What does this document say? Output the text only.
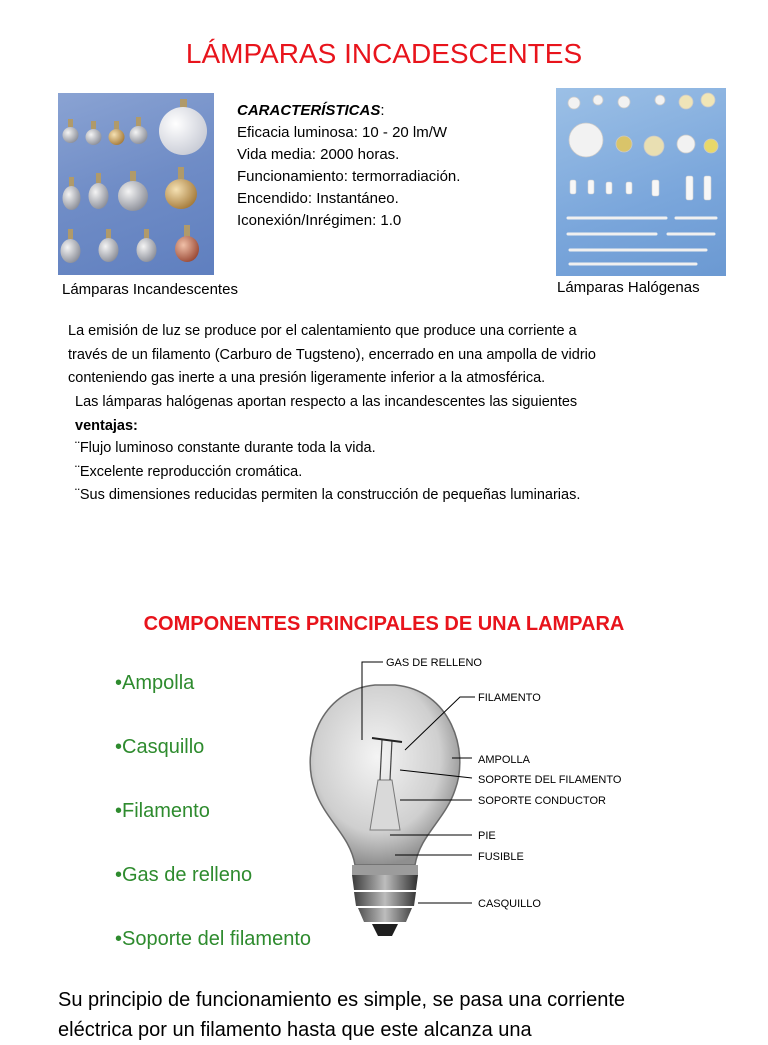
LÁMPARAS INCADESCENTES
Lámparas Incandescentes
CARACTERÍSTICAS:
Eficacia luminosa: 10 - 20 lm/W
Vida media: 2000 horas.
Funcionamiento: termorradiación.
Encendido: Instantáneo.
Iconexión/Inrégimen: 1.0
Lámparas Halógenas
La emisión de luz se produce por el calentamiento que produce una corriente a
través de un filamento (Carburo de Tugsteno), encerrado en una ampolla de vidrio
conteniendo gas inerte a una presión ligeramente inferior a la atmosférica.
Las lámparas halógenas aportan respecto a las incandescentes las siguientes
ventajas:
¨Flujo luminoso constante durante toda la vida.
¨Excelente reproducción cromática.
¨Sus dimensiones reducidas permiten la construcción de pequeñas luminarias.
COMPONENTES PRINCIPALES DE UNA LAMPARA
•Ampolla
•Casquillo
•Filamento
•Gas de relleno
•Soporte del filamento
GAS DE RELLENO
FILAMENTO
AMPOLLA
SOPORTE DEL FILAMENTO
SOPORTE CONDUCTOR
PIE
FUSIBLE
CASQUILLO
Su principio de funcionamiento es simple, se pasa una corriente
eléctrica por un filamento hasta que este alcanza una
